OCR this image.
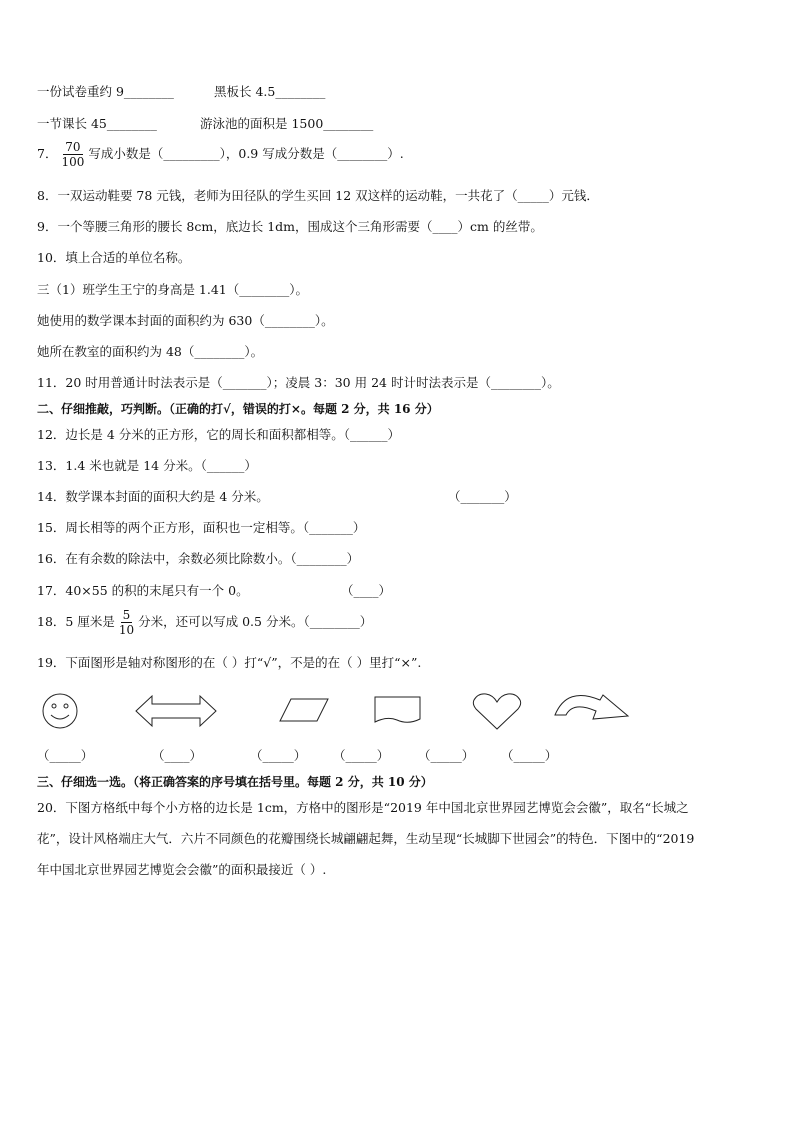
一份试卷重约 9________	黑板长 4.5________
一节课长 45________	游泳池的面积是 1500________
7． $\frac{70}{100}$ 写成小数是（_________），0.9 写成分数是（________）.
8．一双运动鞋要 78 元钱，老师为田径队的学生买回 12 双这样的运动鞋，一共花了（_____）元钱．
9．一个等腰三角形的腰长 8cm，底边长 1dm，围成这个三角形需要（____）cm 的丝带。
10．填上合适的单位名称。
三（1）班学生王宁的身高是 1.41（________）。
她使用的数学课本封面的面积约为 630（________）。
她所在教室的面积约为 48（________）。
11．20 时用普通计时法表示是（_______）；凌晨 3：30 用 24 时计时法表示是（________）。
二、仔细推敲，巧判断。（正确的打√，错误的打×。每题 2 分，共 16 分）
12．边长是 4 分米的正方形，它的周长和面积都相等。（______）
13．1.4 米也就是 14 分米。（______）
14．数学课本封面的面积大约是 4 分米。	（_______）
15．周长相等的两个正方形，面积也一定相等。（_______）
16．在有余数的除法中，余数必须比除数小。（________）
17．40×55 的积的末尾只有一个 0。	（____）
18．5 厘米是 $\frac{5}{10}$ 分米，还可以写成 0.5 分米。（________）
19．下面图形是轴对称图形的在（ ）打“√”，不是的在（ ）里打“×”.
（_____）	（____）	（_____） （_____） （_____） （_____）
三、仔细选一选。（将正确答案的序号填在括号里。每题 2 分，共 10 分）
20．下图方格纸中每个小方格的边长是 1cm，方格中的图形是“2019 年中国北京世界园艺博览会会徽”，取名“长城之
花”，设计风格端庄大气．六片不同颜色的花瓣围绕长城翩翩起舞，生动呈现“长城脚下世园会”的特色．下图中的“2019
年中国北京世界园艺博览会会徽”的面积最接近（ ）.
